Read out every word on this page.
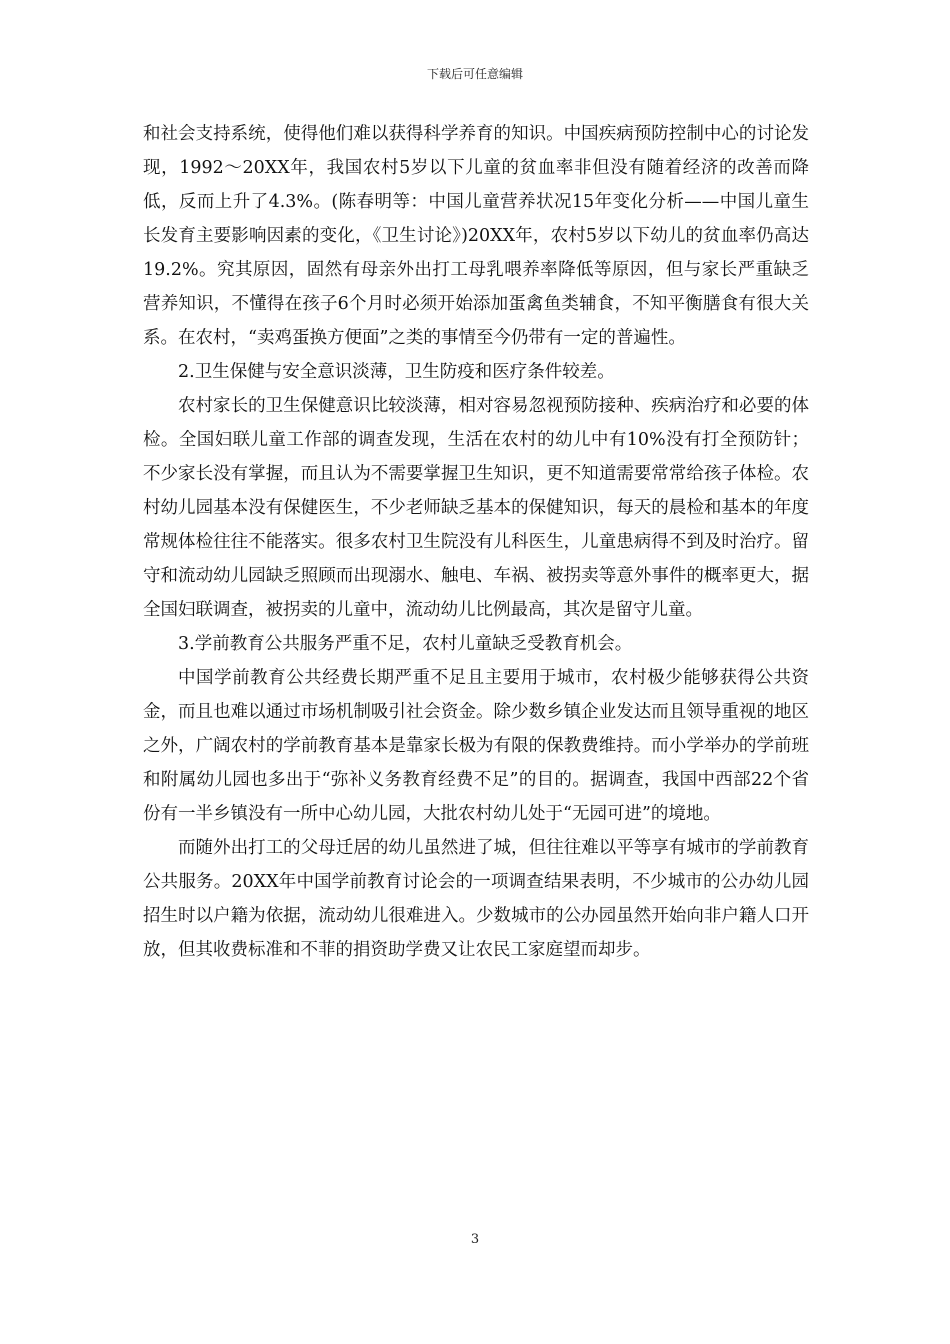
下载后可任意编辑

和社会支持系统，使得他们难以获得科学养育的知识。中国疾病预防控制中心的讨论发现，1992～20XX年，我国农村5岁以下儿童的贫血率非但没有随着经济的改善而降低，反而上升了4.3%。(陈春明等：中国儿童营养状况15年变化分析——中国儿童生长发育主要影响因素的变化，《卫生讨论》)20XX年，农村5岁以下幼儿的贫血率仍高达19.2%。究其原因，固然有母亲外出打工母乳喂养率降低等原因，但与家长严重缺乏营养知识，不懂得在孩子6个月时必须开始添加蛋禽鱼类辅食，不知平衡膳食有很大关系。在农村，“卖鸡蛋换方便面”之类的事情至今仍带有一定的普遍性。

2.卫生保健与安全意识淡薄，卫生防疫和医疗条件较差。

农村家长的卫生保健意识比较淡薄，相对容易忽视预防接种、疾病治疗和必要的体检。全国妇联儿童工作部的调查发现，生活在农村的幼儿中有10%没有打全预防针；不少家长没有掌握，而且认为不需要掌握卫生知识，更不知道需要常常给孩子体检。农村幼儿园基本没有保健医生，不少老师缺乏基本的保健知识，每天的晨检和基本的年度常规体检往往不能落实。很多农村卫生院没有儿科医生，儿童患病得不到及时治疗。留守和流动幼儿园缺乏照顾而出现溺水、触电、车祸、被拐卖等意外事件的概率更大，据全国妇联调查，被拐卖的儿童中，流动幼儿比例最高，其次是留守儿童。

3.学前教育公共服务严重不足，农村儿童缺乏受教育机会。

中国学前教育公共经费长期严重不足且主要用于城市，农村极少能够获得公共资金，而且也难以通过市场机制吸引社会资金。除少数乡镇企业发达而且领导重视的地区之外，广阔农村的学前教育基本是靠家长极为有限的保教费维持。而小学举办的学前班和附属幼儿园也多出于“弥补义务教育经费不足”的目的。据调查，我国中西部22个省份有一半乡镇没有一所中心幼儿园，大批农村幼儿处于“无园可进”的境地。

而随外出打工的父母迁居的幼儿虽然进了城，但往往难以平等享有城市的学前教育公共服务。20XX年中国学前教育讨论会的一项调查结果表明，不少城市的公办幼儿园招生时以户籍为依据，流动幼儿很难进入。少数城市的公办园虽然开始向非户籍人口开放，但其收费标准和不菲的捐资助学费又让农民工家庭望而却步。

3
